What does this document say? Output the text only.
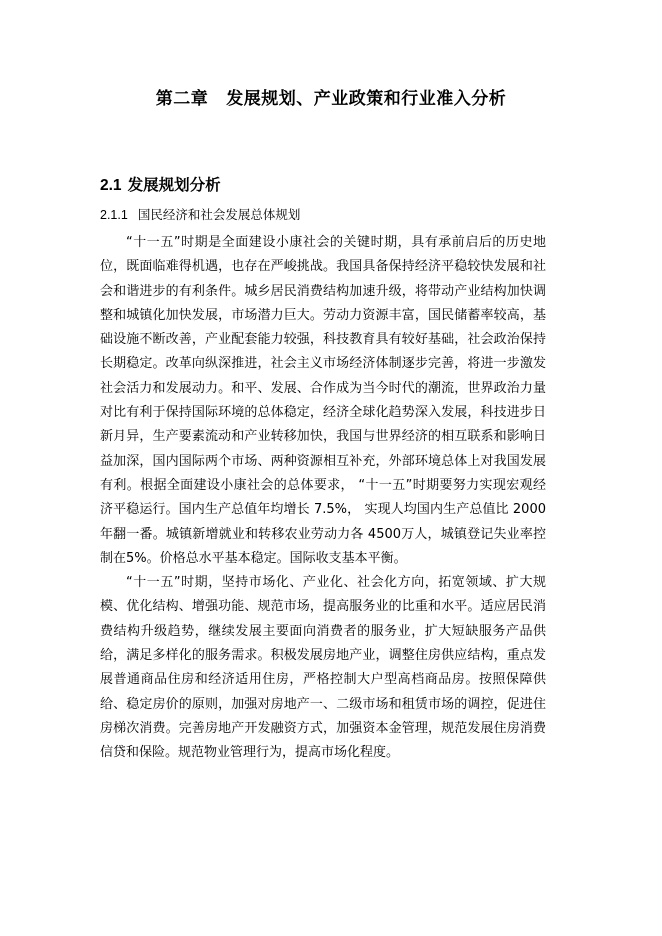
第二章 发展规划、产业政策和行业准入分析
2.1 发展规划分析
2.1.1 国民经济和社会发展总体规划

“十一五”时期是全面建设小康社会的关键时期，具有承前启后的历史地位，既面临难得机遇，也存在严峻挑战。我国具备保持经济平稳较快发展和社会和谐进步的有利条件。城乡居民消费结构加速升级，将带动产业结构加快调整和城镇化加快发展，市场潜力巨大。劳动力资源丰富，国民储蓄率较高，基础设施不断改善，产业配套能力较强，科技教育具有较好基础，社会政治保持长期稳定。改革向纵深推进，社会主义市场经济体制逐步完善，将进一步激发社会活力和发展动力。和平、发展、合作成为当今时代的潮流，世界政治力量对比有利于保持国际环境的总体稳定，经济全球化趋势深入发展，科技进步日新月异，生产要素流动和产业转移加快，我国与世界经济的相互联系和影响日益加深，国内国际两个市场、两种资源相互补充，外部环境总体上对我国发展有利。根据全面建设小康社会的总体要求， “十一五”时期要努力实现宏观经济平稳运行。国内生产总值年均增长 7.5%， 实现人均国内生产总值比 2000年翻一番。城镇新增就业和转移农业劳动力各 4500万人，城镇登记失业率控制在5%。价格总水平基本稳定。国际收支基本平衡。

“十一五”时期，坚持市场化、产业化、社会化方向，拓宽领域、扩大规模、优化结构、增强功能、规范市场，提高服务业的比重和水平。适应居民消费结构升级趋势，继续发展主要面向消费者的服务业，扩大短缺服务产品供给，满足多样化的服务需求。积极发展房地产业，调整住房供应结构，重点发展普通商品住房和经济适用住房，严格控制大户型高档商品房。按照保障供给、稳定房价的原则，加强对房地产一、二级市场和租赁市场的调控，促进住房梯次消费。完善房地产开发融资方式，加强资本金管理，规范发展住房消费信贷和保险。规范物业管理行为，提高市场化程度。
